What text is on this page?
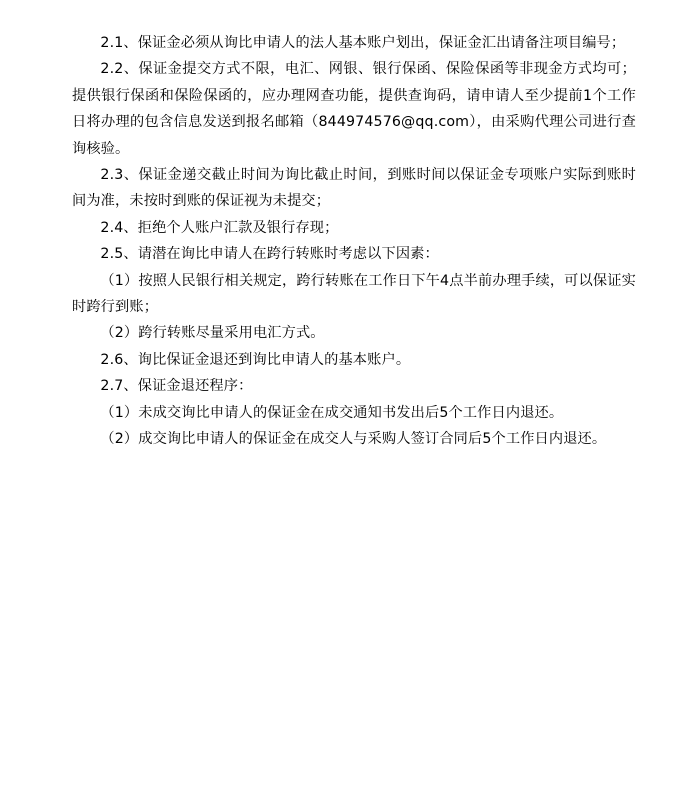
2.1、保证金必须从询比申请人的法人基本账户划出，保证金汇出请备注项目编号；

2.2、保证金提交方式不限，电汇、网银、银行保函、保险保函等非现金方式均可；提供银行保函和保险保函的，应办理网查功能，提供查询码，请申请人至少提前1个工作日将办理的包含信息发送到报名邮箱（844974576@qq.com），由采购代理公司进行查询核验。

2.3、保证金递交截止时间为询比截止时间，到账时间以保证金专项账户实际到账时间为准，未按时到账的保证视为未提交；

2.4、拒绝个人账户汇款及银行存现；

2.5、请潜在询比申请人在跨行转账时考虑以下因素：

（1）按照人民银行相关规定，跨行转账在工作日下午4点半前办理手续，可以保证实时跨行到账；

（2）跨行转账尽量采用电汇方式。

2.6、询比保证金退还到询比申请人的基本账户。

2.7、保证金退还程序：

（1）未成交询比申请人的保证金在成交通知书发出后5个工作日内退还。

（2）成交询比申请人的保证金在成交人与采购人签订合同后5个工作日内退还。
